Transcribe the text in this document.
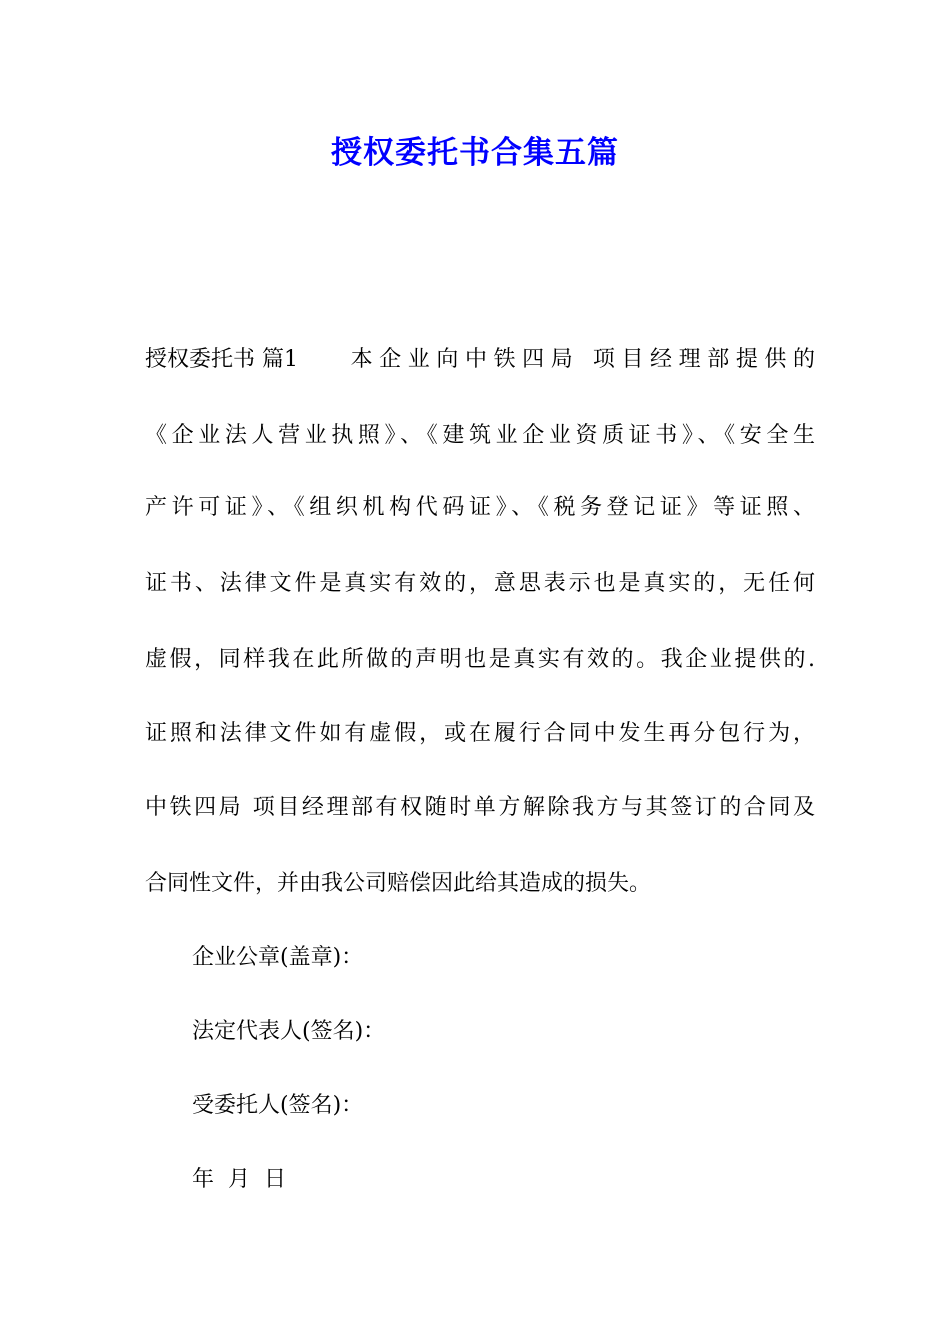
授权委托书合集五篇
授权委托书 篇1 本企业向中铁四局 项目经理部提供的
《企业法人营业执照》、《建筑业企业资质证书》、《安全生
产许可证》、《组织机构代码证》、《税务登记证》等证照、
证书、法律文件是真实有效的，意思表示也是真实的，无任何
虚假，同样我在此所做的声明也是真实有效的。我企业提供的.
证照和法律文件如有虚假，或在履行合同中发生再分包行为，
中铁四局 项目经理部有权随时单方解除我方与其签订的合同及
合同性文件，并由我公司赔偿因此给其造成的损失。
企业公章(盖章)：
法定代表人(签名)：
受委托人(签名)：
年 月 日
